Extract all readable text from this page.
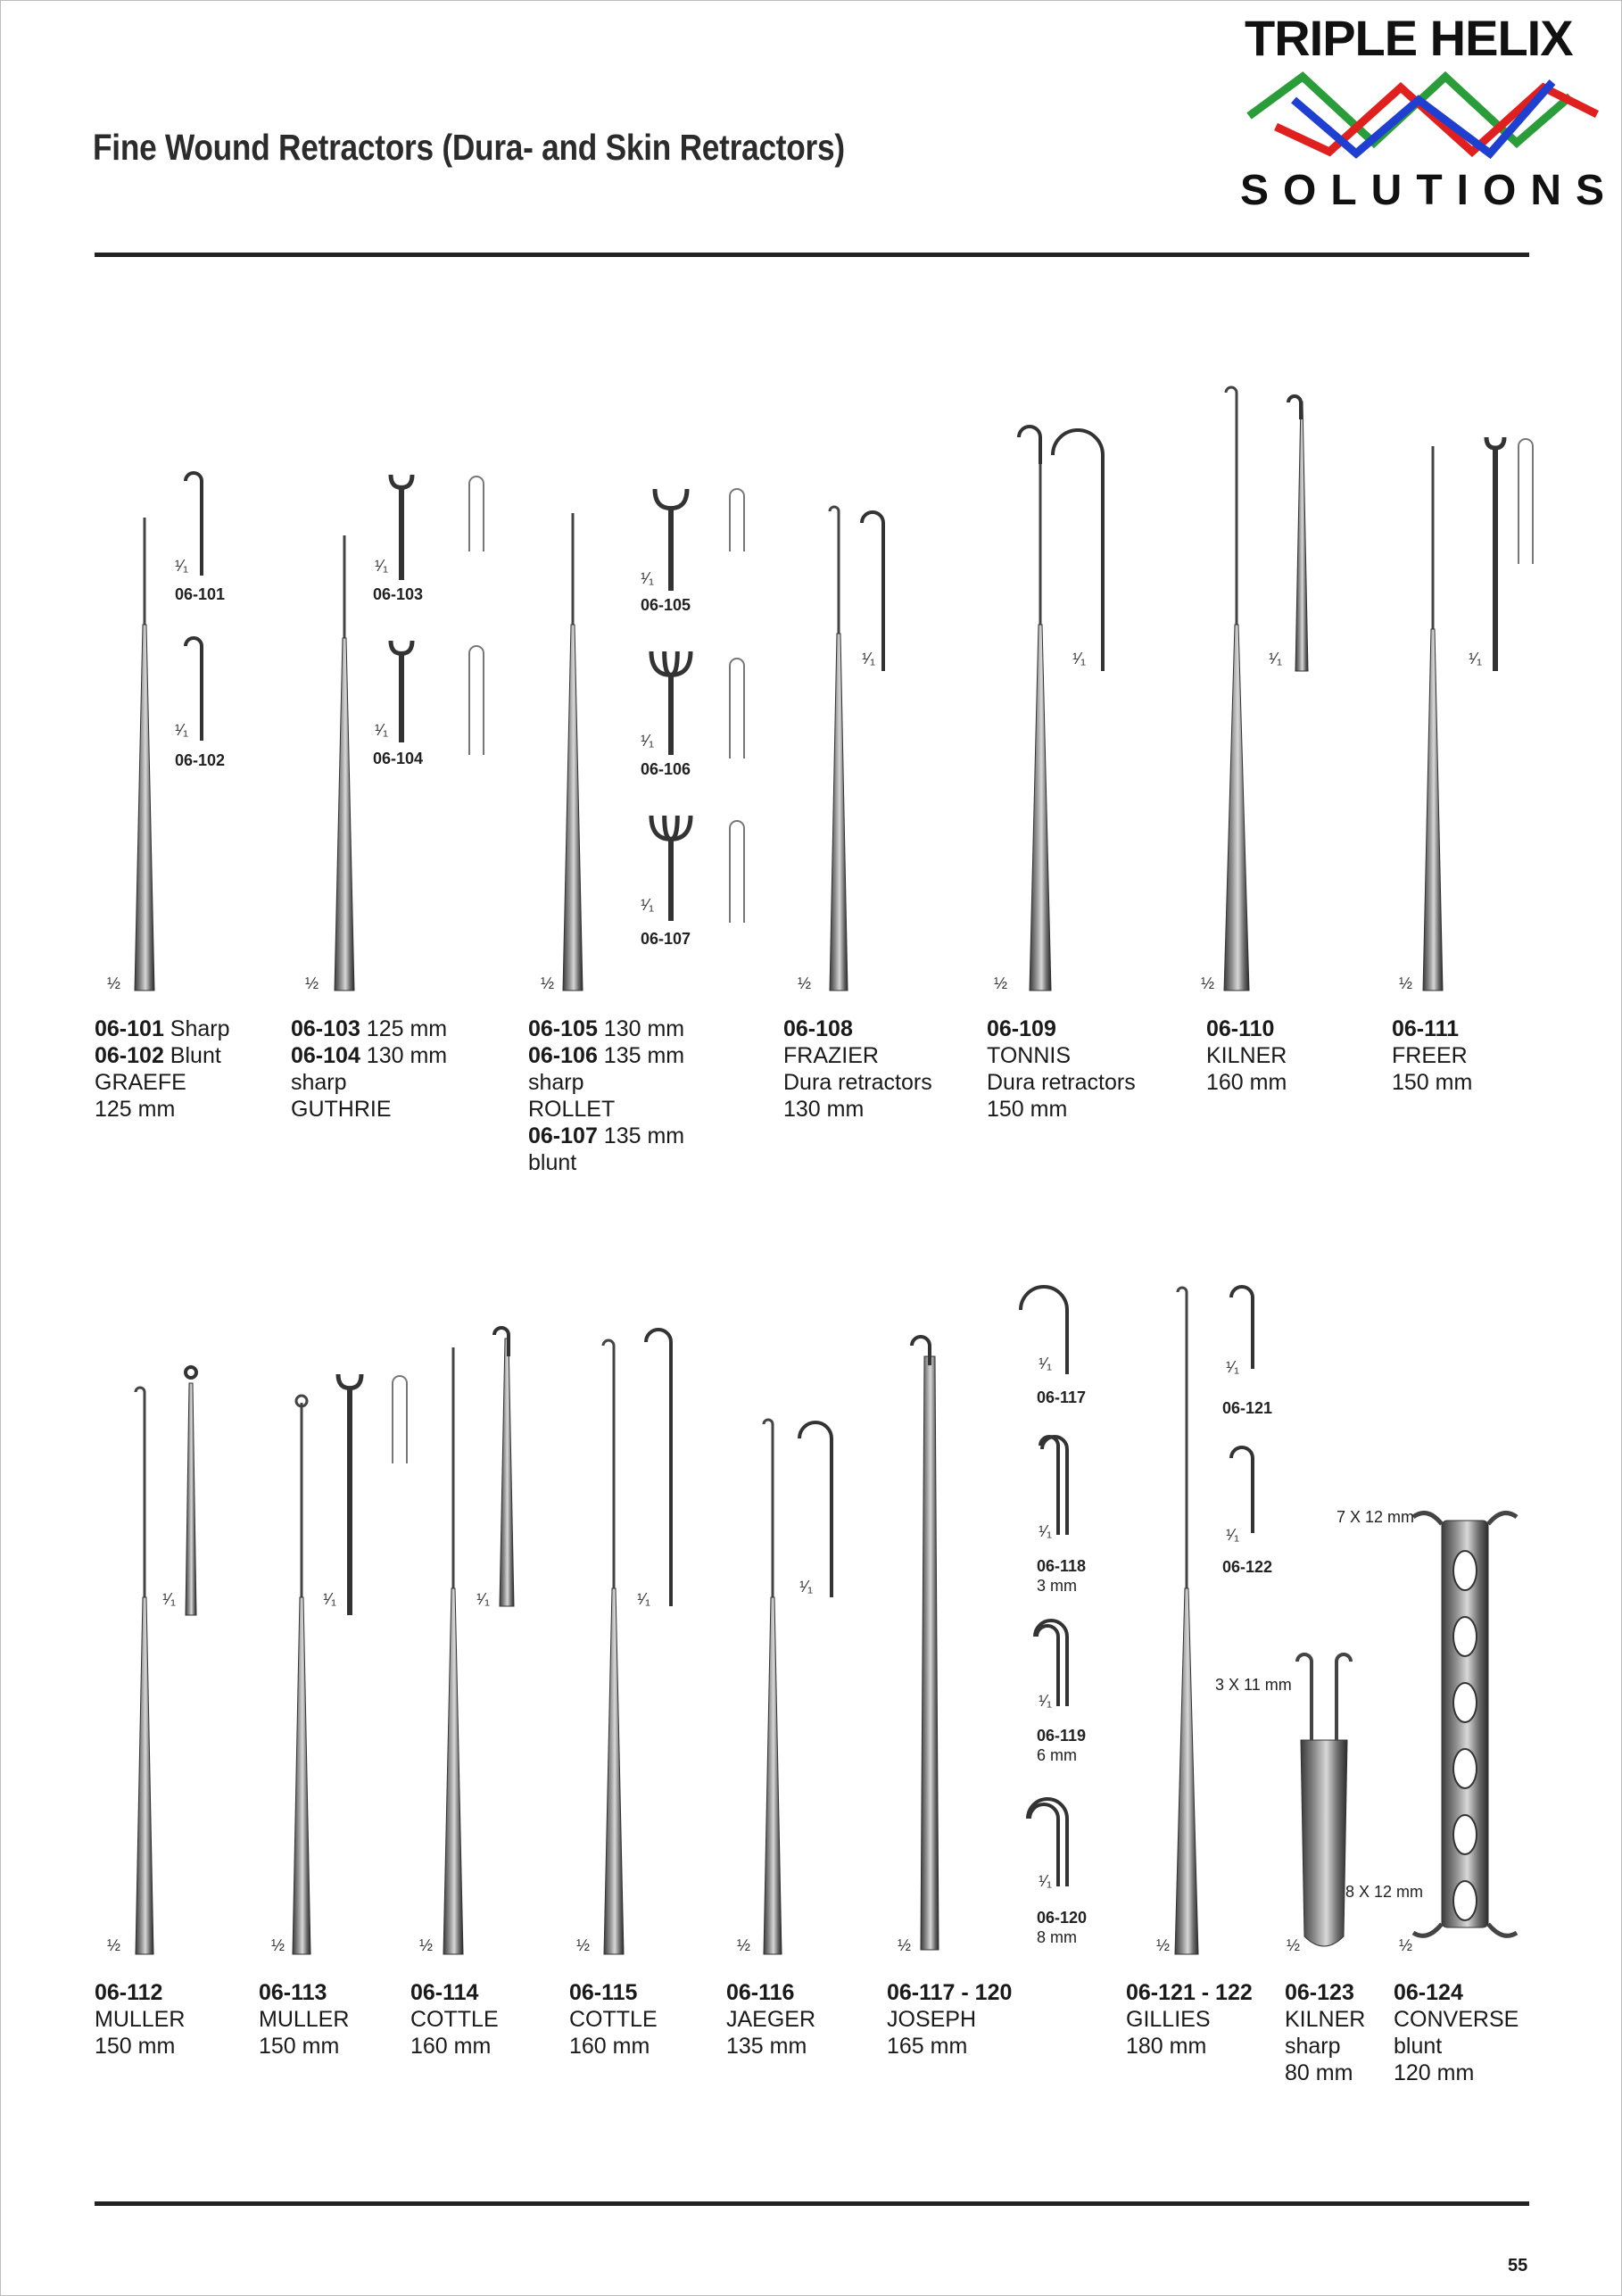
TRIPLE HELIX
SOLUTIONS
Fine Wound Retractors (Dura- and Skin Retractors)
½	½	½	½	½	½	½
¹⁄₁
¹⁄₁
¹⁄₁
¹⁄₁
¹⁄₁
¹⁄₁
¹⁄₁
¹⁄₁	¹⁄₁	¹⁄₁	¹⁄₁
06-101
06-102
06-103
06-104
06-105
06-106
06-107
06-101 Sharp
06-102 Blunt
GRAEFE
125 mm
06-103 125 mm
06-104 130 mm
sharp
GUTHRIE
06-105 130 mm
06-106 135 mm
sharp
ROLLET
06-107 135 mm
blunt
06-108
FRAZIER
Dura retractors
130 mm
06-109
TONNIS
Dura retractors
150 mm
06-110
KILNER
160 mm
06-111
FREER
150 mm
½	½	½	½	½	½	½	½	½
¹⁄₁	¹⁄₁	¹⁄₁	¹⁄₁
¹⁄₁
¹⁄₁
¹⁄₁
¹⁄₁
¹⁄₁
¹⁄₁
¹⁄₁
06-117
06-118
3 mm
06-119
6 mm
06-120
8 mm
06-121
06-122
7 X 12 mm
3 X 11 mm
8 X 12 mm
06-112
MULLER
150 mm
06-113
MULLER
150 mm
06-114
COTTLE
160 mm
06-115
COTTLE
160 mm
06-116
JAEGER
135 mm
06-117 - 120
JOSEPH
165 mm
06-121 - 122
GILLIES
180 mm
06-123
KILNER
sharp
80 mm
06-124
CONVERSE
blunt
120 mm
55
